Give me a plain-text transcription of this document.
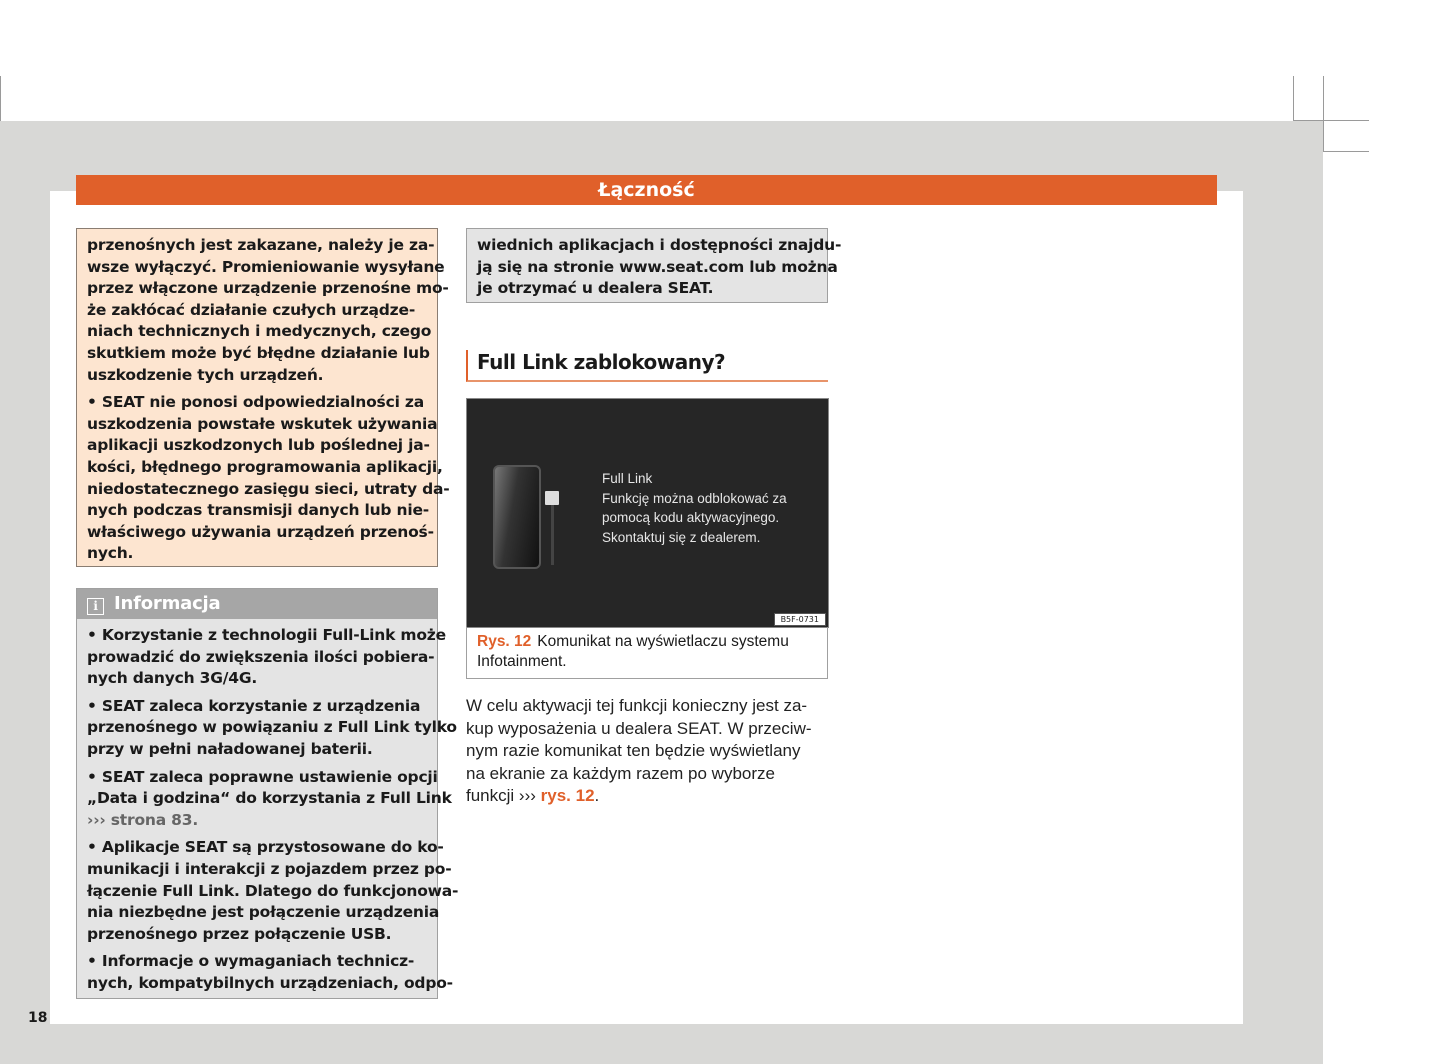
Łączność
przenośnych jest zakazane, należy je za-
wsze wyłączyć. Promieniowanie wysyłane
przez włączone urządzenie przenośne mo-
że zakłócać działanie czułych urządze-
niach technicznych i medycznych, czego
skutkiem może być błędne działanie lub
uszkodzenie tych urządzeń.
• SEAT nie ponosi odpowiedzialności za
uszkodzenia powstałe wskutek używania
aplikacji uszkodzonych lub poślednej ja-
kości, błędnego programowania aplikacji,
niedostatecznego zasięgu sieci, utraty da-
nych podczas transmisji danych lub nie-
właściwego używania urządzeń przenoś-
nych.
i Informacja
• Korzystanie z technologii Full-Link może
prowadzić do zwiększenia ilości pobiera-
nych danych 3G/4G.
• SEAT zaleca korzystanie z urządzenia
przenośnego w powiązaniu z Full Link tylko
przy w pełni naładowanej baterii.
• SEAT zaleca poprawne ustawienie opcji
„Data i godzina“ do korzystania z Full Link
››› strona 83.
• Aplikacje SEAT są przystosowane do ko-
munikacji i interakcji z pojazdem przez po-
łączenie Full Link. Dlatego do funkcjonowa-
nia niezbędne jest połączenie urządzenia
przenośnego przez połączenie USB.
• Informacje o wymaganiach technicz-
nych, kompatybilnych urządzeniach, odpo-
wiednich aplikacjach i dostępności znajdu-
ją się na stronie www.seat.com lub można
je otrzymać u dealera SEAT.
Full Link zablokowany?
Full Link
Funkcję można odblokować za
pomocą kodu aktywacyjnego.
Skontaktuj się z dealerem.
B5F-0731
Rys. 12 Komunikat na wyświetlaczu systemu
Infotainment.
W celu aktywacji tej funkcji konieczny jest za-
kup wyposażenia u dealera SEAT. W przeciw-
nym razie komunikat ten będzie wyświetlany
na ekranie za każdym razem po wyborze
funkcji ››› rys. 12.
18
